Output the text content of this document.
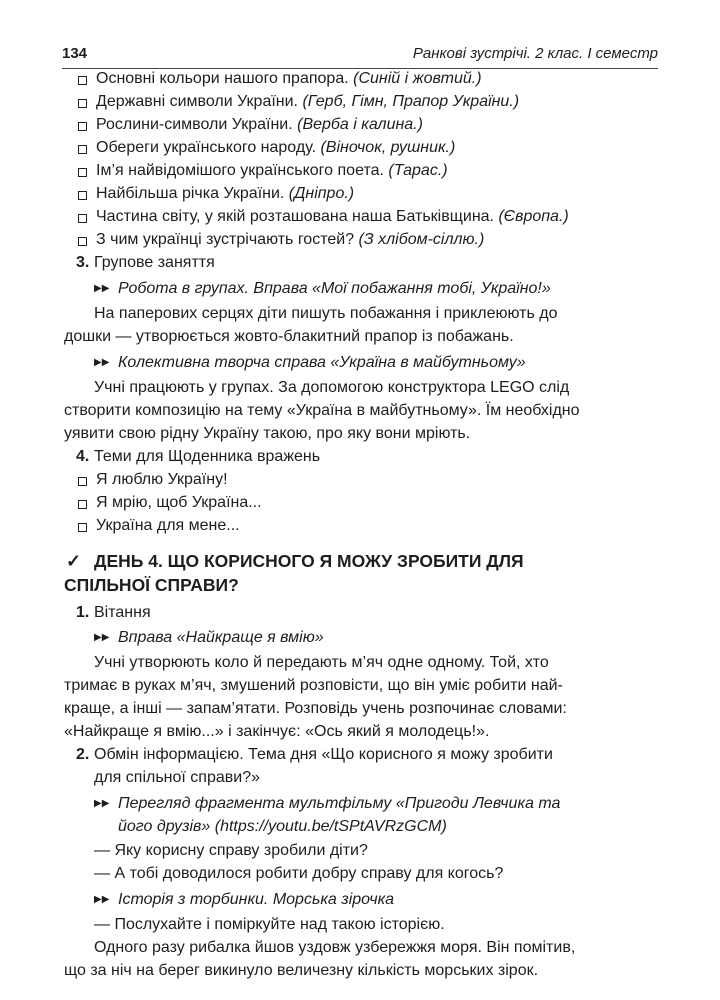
134	Ранкові зустрічі. 2 клас. І семестр
Основні кольори нашого прапора. (Синій і жовтий.)
Державні символи України. (Герб, Гімн, Прапор України.)
Рослини-символи України. (Верба і калина.)
Обереги українського народу. (Віночок, рушник.)
Ім’я найвідомішого українського поета. (Тарас.)
Найбільша річка України. (Дніпро.)
Частина світу, у якій розташована наша Батьківщина. (Європа.)
З чим українці зустрічають гостей? (З хлібом-сіллю.)
3. Групове заняття
▶▶ Робота в групах. Вправа «Мої побажання тобі, Україно!»
На паперових серцях діти пишуть побажання і приклеюють до
дошки — утворюється жовто-блакитний прапор із побажань.
▶▶ Колективна творча справа «Україна в майбутньому»
Учні працюють у групах. За допомогою конструктора LEGO слід
створити композицію на тему «Україна в майбутньому». Їм необхідно
уявити свою рідну Україну такою, про яку вони мріють.
4. Теми для Щоденника вражень
Я люблю Україну!
Я мрію, щоб Україна...
Україна для мене...
✓ ДЕНЬ 4. ЩО КОРИСНОГО Я МОЖУ ЗРОБИТИ ДЛЯ
СПІЛЬНОЇ СПРАВИ?
1. Вітання
▶▶ Вправа «Найкраще я вмію»
Учні утворюють коло й передають м’яч одне одному. Той, хто
тримає в руках м’яч, змушений розповісти, що він уміє робити най-
краще, а інші — запам’ятати. Розповідь учень розпочинає словами:
«Найкраще я вмію...» і закінчує: «Ось який я молодець!».
2. Обмін інформацією. Тема дня «Що корисного я можу зробити
для спільної справи?»
▶▶ Перегляд фрагмента мультфільму «Пригоди Левчика та
його друзів» (https://youtu.be/tSPtAVRzGCM)
— Яку корисну справу зробили діти?
— А тобі доводилося робити добру справу для когось?
▶▶ Історія з торбинки. Морська зірочка
— Послухайте і поміркуйте над такою історією.
Одного разу рибалка йшов уздовж узбережжя моря. Він помітив,
що за ніч на берег викинуло величезну кількість морських зірок.
